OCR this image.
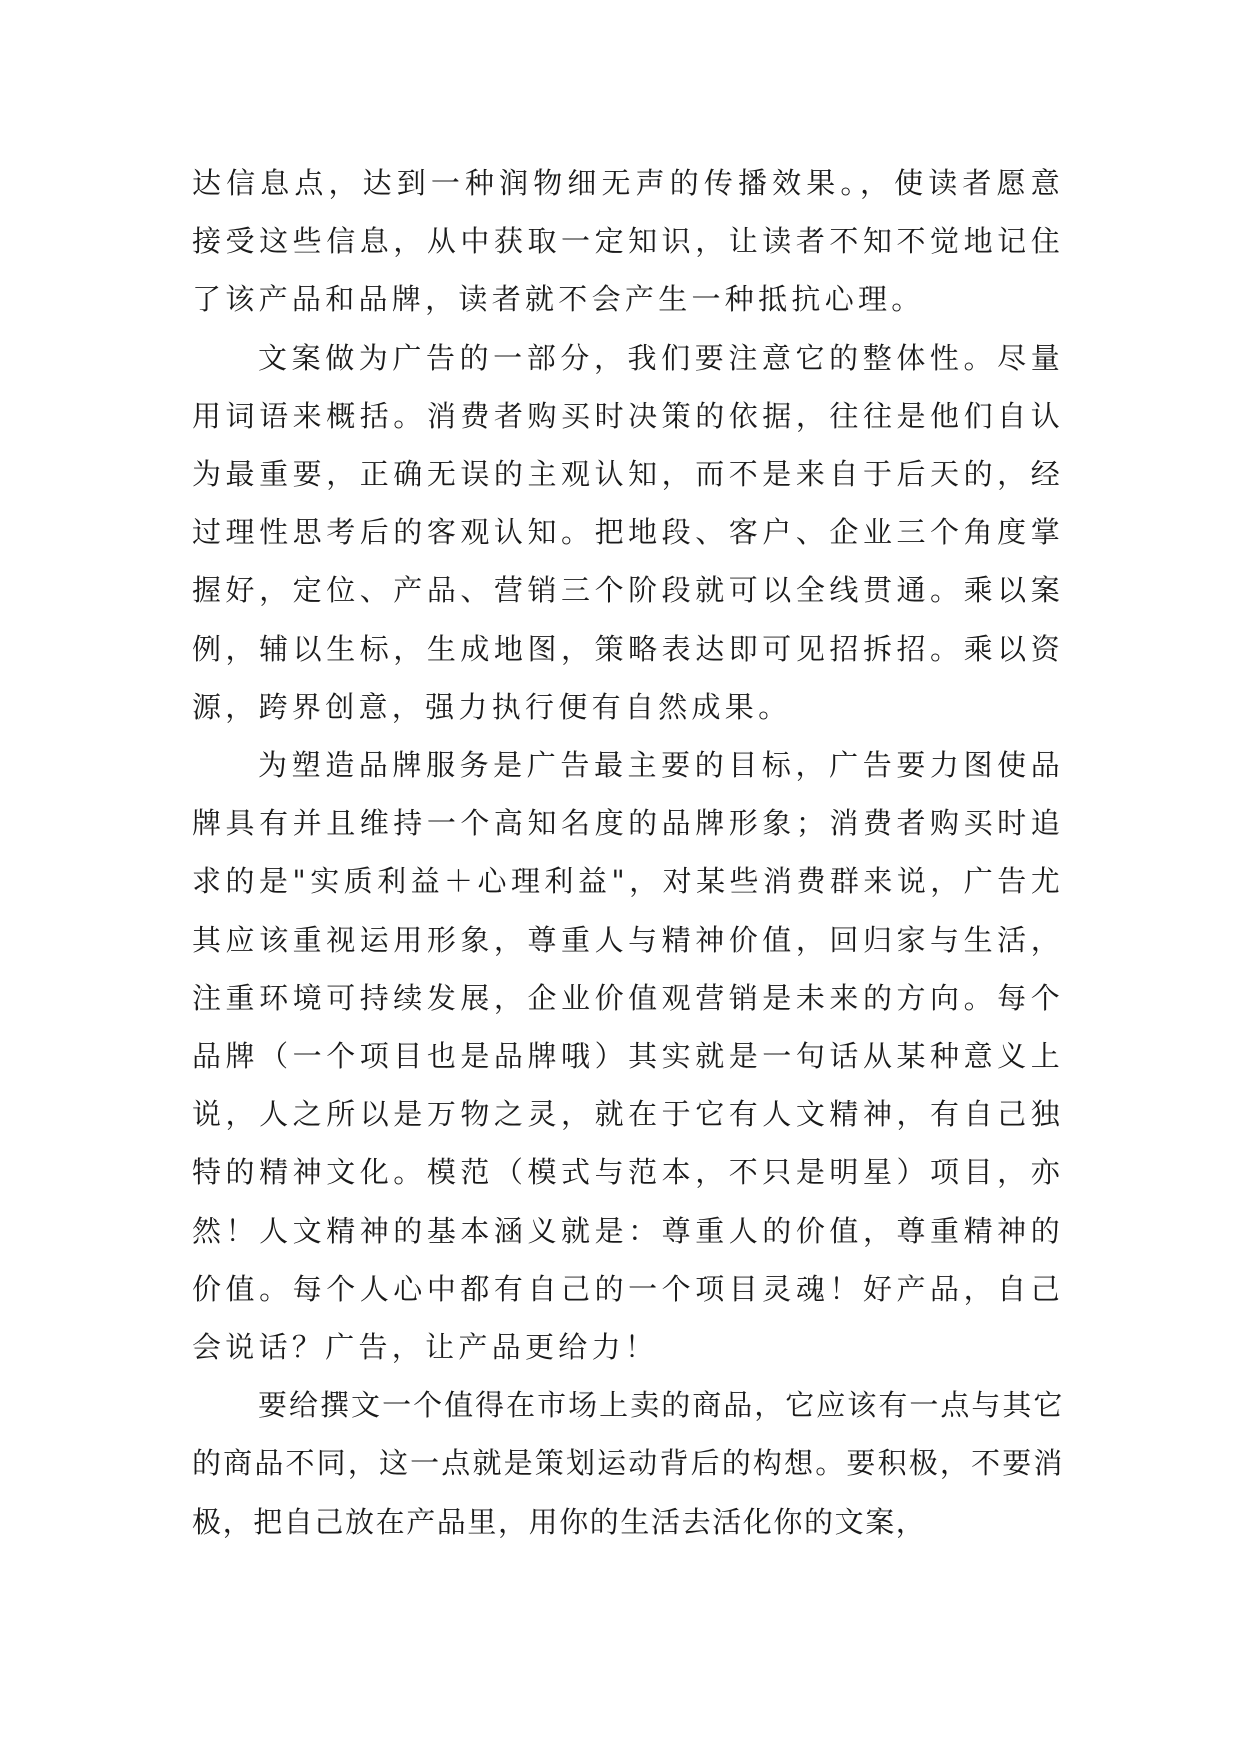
达信息点，达到一种润物细无声的传播效果。，使读者愿意接受这些信息，从中获取一定知识，让读者不知不觉地记住了该产品和品牌，读者就不会产生一种抵抗心理。

文案做为广告的一部分，我们要注意它的整体性。尽量用词语来概括。消费者购买时决策的依据，往往是他们自认为最重要，正确无误的主观认知，而不是来自于后天的，经过理性思考后的客观认知。把地段、客户、企业三个角度掌握好，定位、产品、营销三个阶段就可以全线贯通。乘以案例，辅以生标，生成地图，策略表达即可见招拆招。乘以资源，跨界创意，强力执行便有自然成果。

为塑造品牌服务是广告最主要的目标，广告要力图使品牌具有并且维持一个高知名度的品牌形象；消费者购买时追求的是"实质利益＋心理利益"，对某些消费群来说，广告尤其应该重视运用形象，尊重人与精神价值，回归家与生活，注重环境可持续发展，企业价值观营销是未来的方向。每个品牌（一个项目也是品牌哦）其实就是一句话从某种意义上说，人之所以是万物之灵，就在于它有人文精神，有自己独特的精神文化。模范（模式与范本，不只是明星）项目，亦然！人文精神的基本涵义就是：尊重人的价值，尊重精神的价值。每个人心中都有自己的一个项目灵魂！好产品，自己会说话？广告，让产品更给力！

要给撰文一个值得在市场上卖的商品，它应该有一点与其它的商品不同，这一点就是策划运动背后的构想。要积极，不要消极，把自己放在产品里，用你的生活去活化你的文案，
